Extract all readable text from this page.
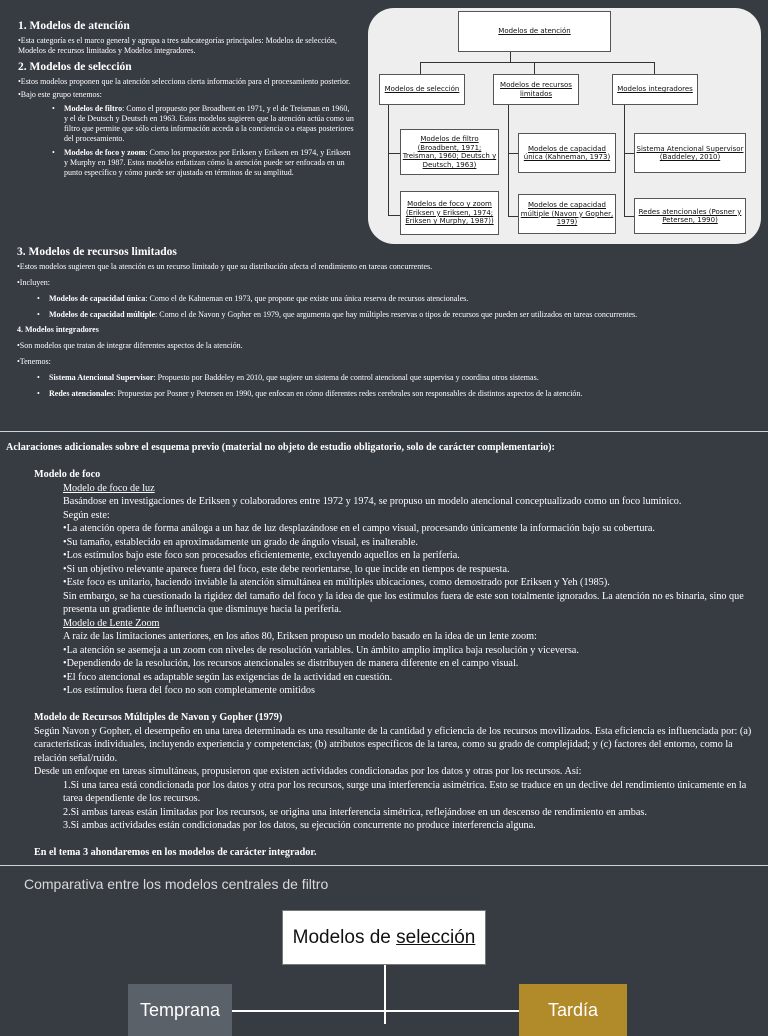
1. Modelos de atención
•Esta categoría es el marco general y agrupa a tres subcategorías principales: Modelos de selección, Modelos de recursos limitados y Modelos integradores.
2. Modelos de selección
•Estos modelos proponen que la atención selecciona cierta información para el procesamiento posterior.
•Bajo este grupo tenemos:
• Modelos de filtro: Como el propuesto por Broadbent en 1971, y el de Treisman en 1960, y el de Deutsch y Deutsch en 1963. Estos modelos sugieren que la atención actúa como un filtro que permite que sólo cierta información acceda a la conciencia o a etapas posteriores del procesamiento.
• Modelos de foco y zoom: Como los propuestos por Eriksen y Eriksen en 1974, y Eriksen y Murphy en 1987. Estos modelos enfatizan cómo la atención puede ser enfocada en un punto específico y cómo puede ser ajustada en términos de su amplitud.
Modelos de atención
Modelos de selección
Modelos de recursos limitados
Modelos integradores
Modelos de filtro (Broadbent, 1971; Treisman, 1960; Deutsch y Deutsch, 1963)
Modelos de foco y zoom (Eriksen y Eriksen, 1974; Eriksen y Murphy, 1987))
Modelos de capacidad única (Kahneman, 1973)
Modelos de capacidad múltiple (Navon y Gopher, 1979)
Sistema Atencional Supervisor (Baddeley, 2010)
Redes atencionales (Posner y Petersen, 1990)
3. Modelos de recursos limitados
•Estos modelos sugieren que la atención es un recurso limitado y que su distribución afecta el rendimiento en tareas concurrentes.
•Incluyen:
• Modelos de capacidad única: Como el de Kahneman en 1973, que propone que existe una única reserva de recursos atencionales.
• Modelos de capacidad múltiple: Como el de Navon y Gopher en 1979, que argumenta que hay múltiples reservas o tipos de recursos que pueden ser utilizados en tareas concurrentes.
4. Modelos integradores
•Son modelos que tratan de integrar diferentes aspectos de la atención.
•Tenemos:
• Sistema Atencional Supervisor: Propuesto por Baddeley en 2010, que sugiere un sistema de control atencional que supervisa y coordina otros sistemas.
• Redes atencionales: Propuestas por Posner y Petersen en 1990, que enfocan en cómo diferentes redes cerebrales son responsables de distintos aspectos de la atención.
Aclaraciones adicionales sobre el esquema previo (material no objeto de estudio obligatorio, solo de carácter complementario):
Modelo de foco
Modelo de foco de luz
Basándose en investigaciones de Eriksen y colaboradores entre 1972 y 1974, se propuso un modelo atencional conceptualizado como un foco lumínico.
Según este:
•La atención opera de forma análoga a un haz de luz desplazándose en el campo visual, procesando únicamente la información bajo su cobertura.
•Su tamaño, establecido en aproximadamente un grado de ángulo visual, es inalterable.
•Los estímulos bajo este foco son procesados eficientemente, excluyendo aquellos en la periferia.
•Si un objetivo relevante aparece fuera del foco, este debe reorientarse, lo que incide en tiempos de respuesta.
•Este foco es unitario, haciendo inviable la atención simultánea en múltiples ubicaciones, como demostrado por Eriksen y Yeh (1985).
Sin embargo, se ha cuestionado la rigidez del tamaño del foco y la idea de que los estímulos fuera de este son totalmente ignorados. La atención no es binaria, sino que presenta un gradiente de influencia que disminuye hacia la periferia.
Modelo de Lente Zoom
A raíz de las limitaciones anteriores, en los años 80, Eriksen propuso un modelo basado en la idea de un lente zoom:
•La atención se asemeja a un zoom con niveles de resolución variables. Un ámbito amplio implica baja resolución y viceversa.
•Dependiendo de la resolución, los recursos atencionales se distribuyen de manera diferente en el campo visual.
•El foco atencional es adaptable según las exigencias de la actividad en cuestión.
•Los estímulos fuera del foco no son completamente omitidos
Modelo de Recursos Múltiples de Navon y Gopher (1979)
Según Navon y Gopher, el desempeño en una tarea determinada es una resultante de la cantidad y eficiencia de los recursos movilizados. Esta eficiencia es influenciada por: (a) características individuales, incluyendo experiencia y competencias; (b) atributos específicos de la tarea, como su grado de complejidad; y (c) factores del entorno, como la relación señal/ruido.
Desde un enfoque en tareas simultáneas, propusieron que existen actividades condicionadas por los datos y otras por los recursos. Así:
1.Si una tarea está condicionada por los datos y otra por los recursos, surge una interferencia asimétrica. Esto se traduce en un declive del rendimiento únicamente en la tarea dependiente de los recursos.
2.Si ambas tareas están limitadas por los recursos, se origina una interferencia simétrica, reflejándose en un descenso de rendimiento en ambas.
3.Si ambas actividades están condicionadas por los datos, su ejecución concurrente no produce interferencia alguna.
En el tema 3 ahondaremos en los modelos de carácter integrador.
Comparativa entre los modelos centrales de filtro
Modelos de selección
Temprana	Tardía
